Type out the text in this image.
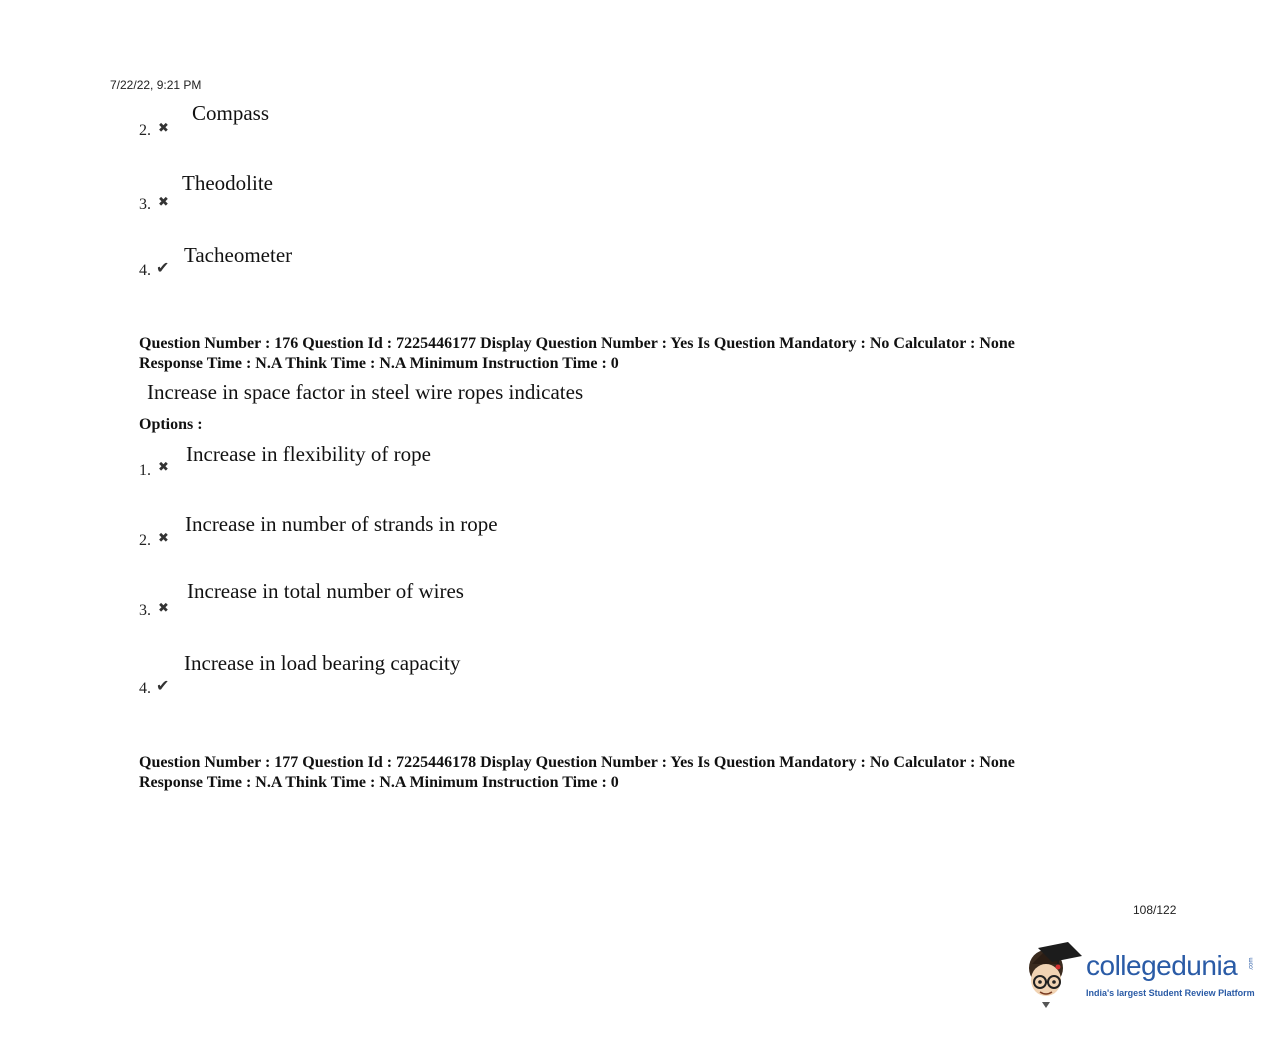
7/22/22, 9:21 PM
2. ✖
Compass
3. ✖
Theodolite
4. ✔
Tacheometer
Question Number : 176 Question Id : 7225446177 Display Question Number : Yes Is Question Mandatory : No Calculator : None
Response Time : N.A Think Time : N.A Minimum Instruction Time : 0
Increase in space factor in steel wire ropes indicates
Options :
1. ✖
Increase in flexibility of rope
2. ✖
Increase in number of strands in rope
3. ✖
Increase in total number of wires
4. ✔
Increase in load bearing capacity
Question Number : 177 Question Id : 7225446178 Display Question Number : Yes Is Question Mandatory : No Calculator : None
Response Time : N.A Think Time : N.A Minimum Instruction Time : 0
108/122
collegedunia .com
India's largest Student Review Platform
